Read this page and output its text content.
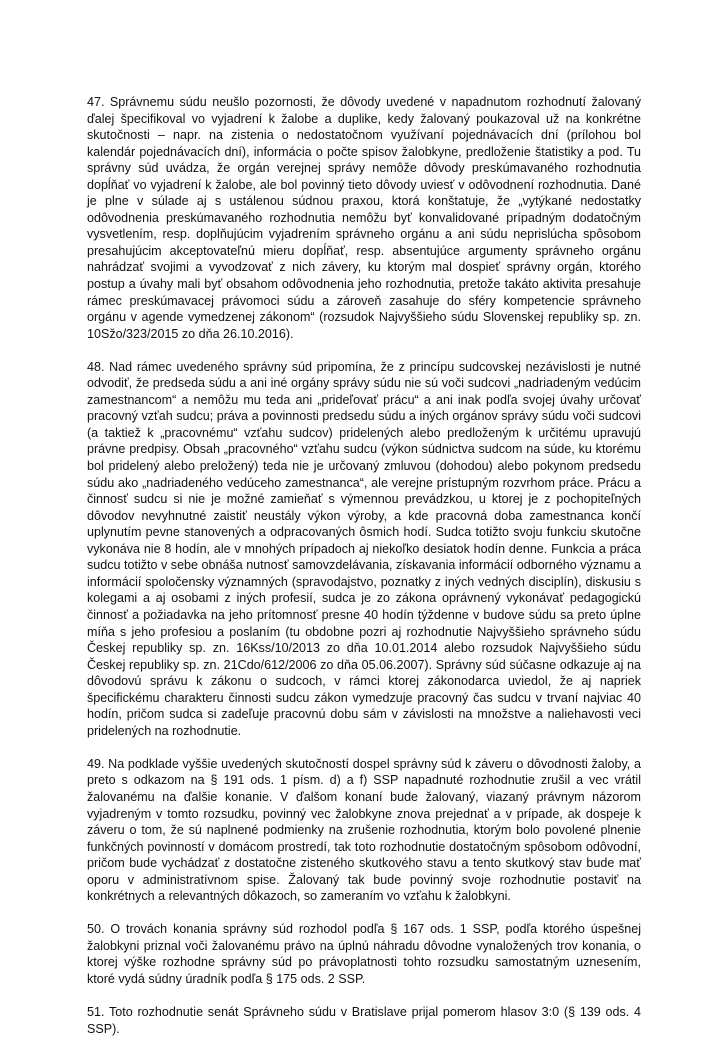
47. Správnemu súdu neušlo pozornosti, že dôvody uvedené v napadnutom rozhodnutí žalovaný ďalej špecifikoval vo vyjadrení k žalobe a duplike, kedy žalovaný poukazoval už na konkrétne skutočnosti – napr. na zistenia o nedostatočnom využívaní pojednávacích dní (prílohou bol kalendár pojednávacích dní), informácia o počte spisov žalobkyne, predloženie štatistiky a pod. Tu správny súd uvádza, že orgán verejnej správy nemôže dôvody preskúmavaného rozhodnutia dopĺňať vo vyjadrení k žalobe, ale bol povinný tieto dôvody uviesť v odôvodnení rozhodnutia. Dané je plne v súlade aj s ustálenou súdnou praxou, ktorá konštatuje, že „vytýkané nedostatky odôvodnenia preskúmavaného rozhodnutia nemôžu byť konvalidované prípadným dodatočným vysvetlením, resp. doplňujúcim vyjadrením správneho orgánu a ani súdu neprislúcha spôsobom presahujúcim akceptovateľnú mieru dopĺňať, resp. absentujúce argumenty správneho orgánu nahrádzať svojimi a vyvodzovať z nich závery, ku ktorým mal dospieť správny orgán, ktorého postup a úvahy mali byť obsahom odôvodnenia jeho rozhodnutia, pretože takáto aktivita presahuje rámec preskúmavacej právomoci súdu a zároveň zasahuje do sféry kompetencie správneho orgánu v agende vymedzenej zákonom“ (rozsudok Najvyššieho súdu Slovenskej republiky sp. zn. 10Sžo/323/2015 zo dňa 26.10.2016).

48. Nad rámec uvedeného správny súd pripomína, že z princípu sudcovskej nezávislosti je nutné odvodiť, že predseda súdu a ani iné orgány správy súdu nie sú voči sudcovi „nadriadeným vedúcim zamestnancom“ a nemôžu mu teda ani „prideľovať prácu“ a ani inak podľa svojej úvahy určovať pracovný vzťah sudcu; práva a povinnosti predsedu súdu a iných orgánov správy súdu voči sudcovi (a taktiež k „pracovnému“ vzťahu sudcov) pridelených alebo predloženým k určitému upravujú právne predpisy. Obsah „pracovného“ vzťahu sudcu (výkon súdnictva sudcom na súde, ku ktorému bol pridelený alebo preložený) teda nie je určovaný zmluvou (dohodou) alebo pokynom predsedu súdu ako „nadriadeného vedúceho zamestnanca“, ale verejne prístupným rozvrhom práce. Prácu a činnosť sudcu si nie je možné zamieňať s výmennou prevádzkou, u ktorej je z pochopiteľných dôvodov nevyhnutné zaistiť neustály výkon výroby, a kde pracovná doba zamestnanca končí uplynutím pevne stanovených a odpracovaných ôsmich hodí. Sudca totižto svoju funkciu skutočne vykonáva nie 8 hodín, ale v mnohých prípadoch aj niekoľko desiatok hodín denne. Funkcia a práca sudcu totižto v sebe obnáša nutnosť samovzdelávania, získavania informácií odborného významu a informácií spoločensky významných (spravodajstvo, poznatky z iných vedných disciplín), diskusiu s kolegami a aj osobami z iných profesií, sudca je zo zákona oprávnený vykonávať pedagogickú činnosť a požiadavka na jeho prítomnosť presne 40 hodín týždenne v budove súdu sa preto úplne míňa s jeho profesiou a poslaním (tu obdobne pozri aj rozhodnutie Najvyššieho správneho súdu Českej republiky sp. zn. 16Kss/10/2013 zo dňa 10.01.2014 alebo rozsudok Najvyššieho súdu Českej republiky sp. zn. 21Cdo/612/2006 zo dňa 05.06.2007). Správny súd súčasne odkazuje aj na dôvodovú správu k zákonu o sudcoch, v rámci ktorej zákonodarca uviedol, že aj napriek špecifickému charakteru činnosti sudcu zákon vymedzuje pracovný čas sudcu v trvaní najviac 40 hodín, pričom sudca si zadeľuje pracovnú dobu sám v závislosti na množstve a naliehavosti veci pridelených na rozhodnutie.

49. Na podklade vyššie uvedených skutočností dospel správny súd k záveru o dôvodnosti žaloby, a preto s odkazom na § 191 ods. 1 písm. d) a f) SSP napadnuté rozhodnutie zrušil a vec vrátil žalovanému na ďalšie konanie. V ďalšom konaní bude žalovaný, viazaný právnym názorom vyjadreným v tomto rozsudku, povinný vec žalobkyne znova prejednať a v prípade, ak dospeje k záveru o tom, že sú naplnené podmienky na zrušenie rozhodnutia, ktorým bolo povolené plnenie funkčných povinností v domácom prostredí, tak toto rozhodnutie dostatočným spôsobom odôvodní, pričom bude vychádzať z dostatočne zisteného skutkového stavu a tento skutkový stav bude mať oporu v administratívnom spise. Žalovaný tak bude povinný svoje rozhodnutie postaviť na konkrétnych a relevantných dôkazoch, so zameraním vo vzťahu k žalobkyni.

50. O trovách konania správny súd rozhodol podľa § 167 ods. 1 SSP, podľa ktorého úspešnej žalobkyni priznal voči žalovanému právo na úplnú náhradu dôvodne vynaložených trov konania, o ktorej výške rozhodne správny súd po právoplatnosti tohto rozsudku samostatným uznesením, ktoré vydá súdny úradník podľa § 175 ods. 2 SSP.

51. Toto rozhodnutie senát Správneho súdu v Bratislave prijal pomerom hlasov 3:0 (§ 139 ods. 4 SSP).
